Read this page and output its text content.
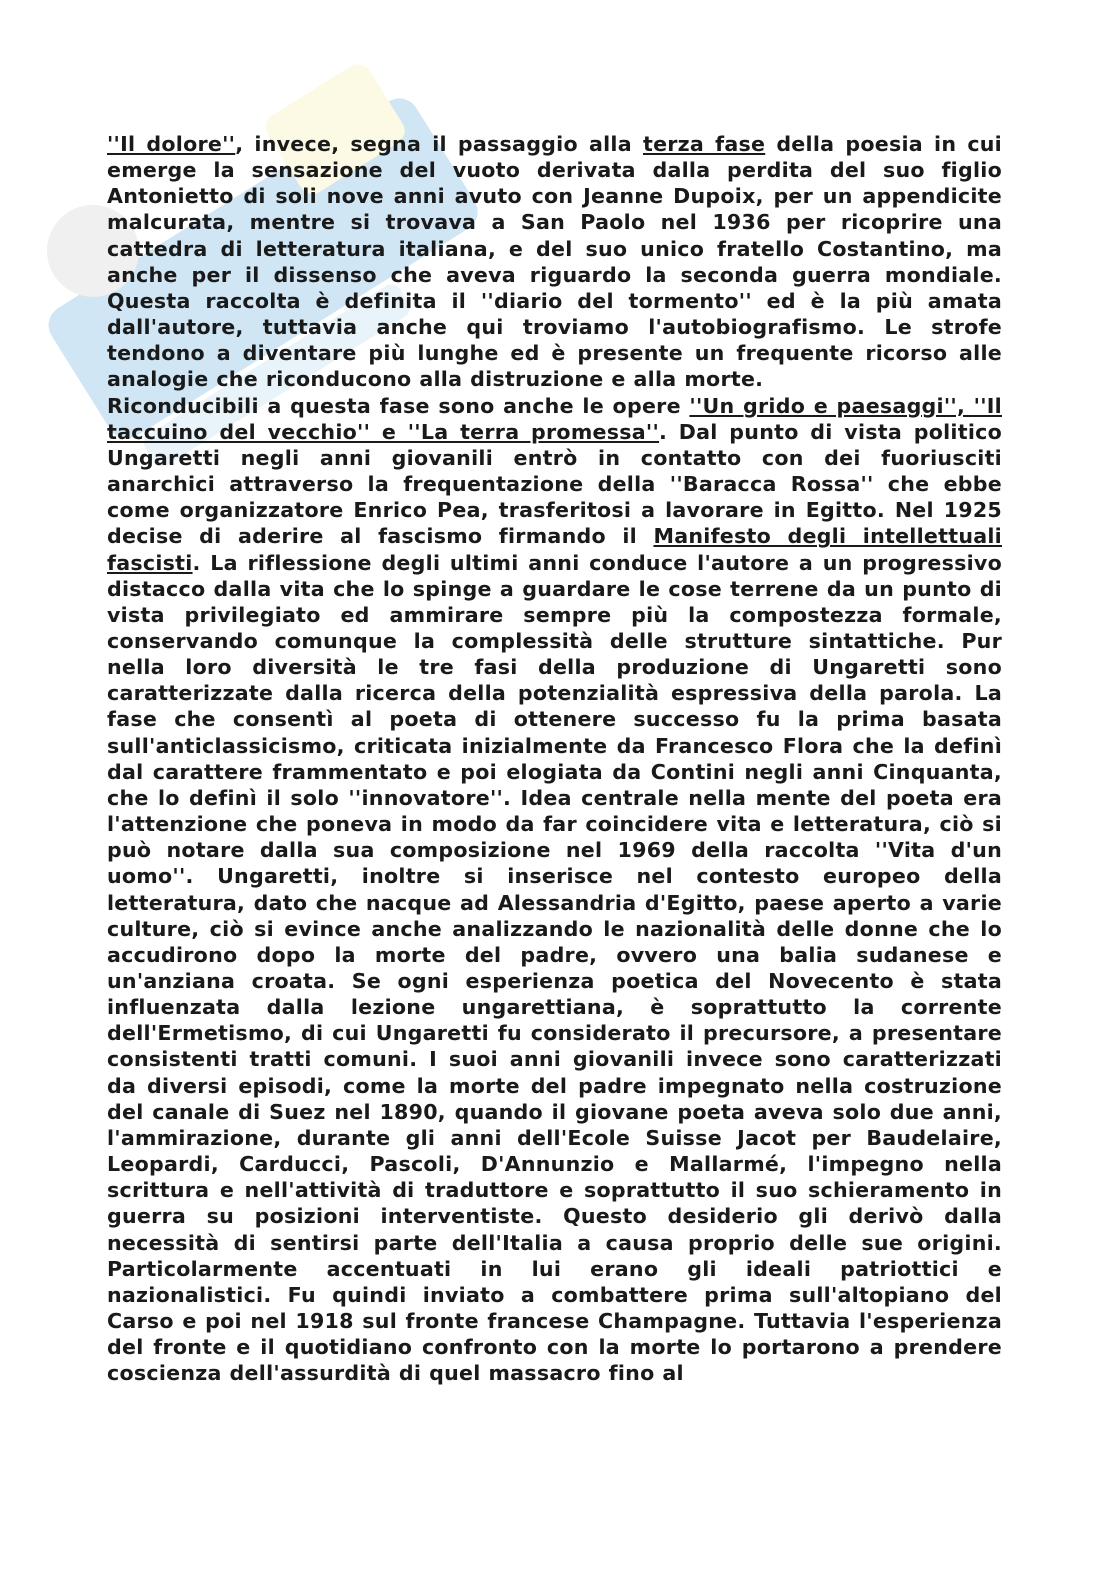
''Il dolore'', invece, segna il passaggio alla terza fase della poesia in cui emerge la sensazione del vuoto derivata dalla perdita del suo figlio Antonietto di soli nove anni avuto con Jeanne Dupoix, per un appendicite malcurata, mentre si trovava a San Paolo nel 1936 per ricoprire una cattedra di letteratura italiana, e del suo unico fratello Costantino, ma anche per il dissenso che aveva riguardo la seconda guerra mondiale. Questa raccolta è definita il ''diario del tormento'' ed è la più amata dall'autore, tuttavia anche qui troviamo l'autobiografismo. Le strofe tendono a diventare più lunghe ed è presente un frequente ricorso alle analogie che riconducono alla distruzione e alla morte.

Riconducibili a questa fase sono anche le opere ''Un grido e paesaggi'', ''Il taccuino del vecchio'' e ''La terra promessa''. Dal punto di vista politico Ungaretti negli anni giovanili entrò in contatto con dei fuoriusciti anarchici attraverso la frequentazione della ''Baracca Rossa'' che ebbe come organizzatore Enrico Pea, trasferitosi a lavorare in Egitto. Nel 1925 decise di aderire al fascismo firmando il Manifesto degli intellettuali fascisti. La riflessione degli ultimi anni conduce l'autore a un progressivo distacco dalla vita che lo spinge a guardare le cose terrene da un punto di vista privilegiato ed ammirare sempre più la compostezza formale, conservando comunque la complessità delle strutture sintattiche. Pur nella loro diversità le tre fasi della produzione di Ungaretti sono caratterizzate dalla ricerca della potenzialità espressiva della parola. La fase che consentì al poeta di ottenere successo fu la prima basata sull'anticlassicismo, criticata inizialmente da Francesco Flora che la definì dal carattere frammentato e poi elogiata da Contini negli anni Cinquanta, che lo definì il solo ''innovatore''. Idea centrale nella mente del poeta era l'attenzione che poneva in modo da far coincidere vita e letteratura, ciò si può notare dalla sua composizione nel 1969 della raccolta ''Vita d'un uomo''. Ungaretti, inoltre si inserisce nel contesto europeo della letteratura, dato che nacque ad Alessandria d'Egitto, paese aperto a varie culture, ciò si evince anche analizzando le nazionalità delle donne che lo accudirono dopo la morte del padre, ovvero una balia sudanese e un'anziana croata. Se ogni esperienza poetica del Novecento è stata influenzata dalla lezione ungarettiana, è soprattutto la corrente dell'Ermetismo, di cui Ungaretti fu considerato il precursore, a presentare consistenti tratti comuni. I suoi anni giovanili invece sono caratterizzati da diversi episodi, come la morte del padre impegnato nella costruzione del canale di Suez nel 1890, quando il giovane poeta aveva solo due anni, l'ammirazione, durante gli anni dell'Ecole Suisse Jacot per Baudelaire, Leopardi, Carducci, Pascoli, D'Annunzio e Mallarmé, l'impegno nella scrittura e nell'attività di traduttore e soprattutto il suo schieramento in guerra su posizioni interventiste. Questo desiderio gli derivò dalla necessità di sentirsi parte dell'Italia a causa proprio delle sue origini. Particolarmente accentuati in lui erano gli ideali patriottici e nazionalistici. Fu quindi inviato a combattere prima sull'altopiano del Carso e poi nel 1918 sul fronte francese Champagne. Tuttavia l'esperienza del fronte e il quotidiano confronto con la morte lo portarono a prendere coscienza dell'assurdità di quel massacro fino al
